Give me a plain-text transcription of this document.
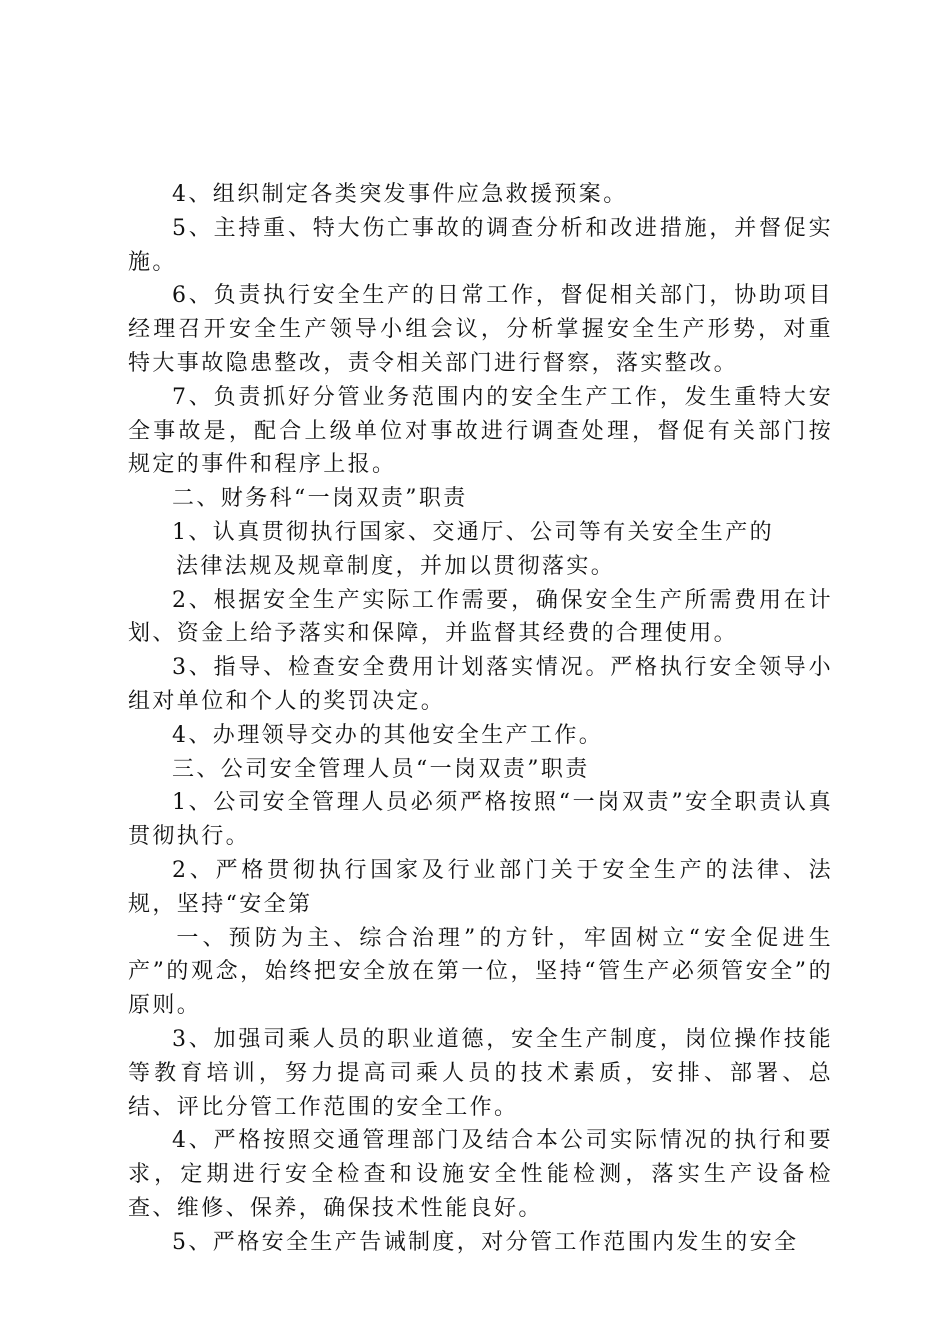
4、组织制定各类突发事件应急救援预案。

5、主持重、特大伤亡事故的调查分析和改进措施，并督促实施。

6、负责执行安全生产的日常工作，督促相关部门，协助项目经理召开安全生产领导小组会议，分析掌握安全生产形势，对重特大事故隐患整改，责令相关部门进行督察，落实整改。

7、负责抓好分管业务范围内的安全生产工作，发生重特大安全事故是，配合上级单位对事故进行调查处理，督促有关部门按规定的事件和程序上报。

二、财务科“一岗双责”职责

1、认真贯彻执行国家、交通厅、公司等有关安全生产的

法律法规及规章制度，并加以贯彻落实。

2、根据安全生产实际工作需要，确保安全生产所需费用在计划、资金上给予落实和保障，并监督其经费的合理使用。

3、指导、检查安全费用计划落实情况。严格执行安全领导小组对单位和个人的奖罚决定。

4、办理领导交办的其他安全生产工作。

三、公司安全管理人员“一岗双责”职责

1、公司安全管理人员必须严格按照“一岗双责”安全职责认真贯彻执行。

2、严格贯彻执行国家及行业部门关于安全生产的法律、法规，坚持“安全第

一、预防为主、综合治理”的方针，牢固树立“安全促进生产”的观念，始终把安全放在第一位，坚持“管生产必须管安全”的原则。

3、加强司乘人员的职业道德，安全生产制度，岗位操作技能等教育培训，努力提高司乘人员的技术素质，安排、部署、总结、评比分管工作范围的安全工作。

4、严格按照交通管理部门及结合本公司实际情况的执行和要求，定期进行安全检查和设施安全性能检测，落实生产设备检查、维修、保养，确保技术性能良好。

5、严格安全生产告诫制度，对分管工作范围内发生的安全
